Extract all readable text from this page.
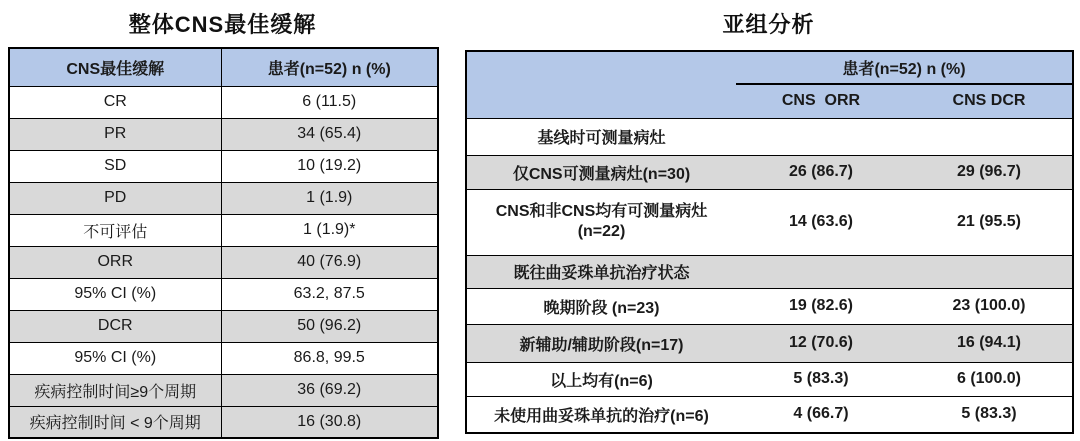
整体CNS最佳缓解	亚组分析
CNS最佳缓解	患者(n=52) n (%)
CR	6 (11.5)
PR	34 (65.4)
SD	10 (19.2)
PD	1 (1.9)
不可评估	1 (1.9)*
ORR	40 (76.9)
95% CI (%)	63.2, 87.5
DCR	50 (96.2)
95% CI (%)	86.8, 99.5
疾病控制时间≥9个周期	36 (69.2)
疾病控制时间 < 9个周期	16 (30.8)
	患者(n=52) n (%)	
	CNS  ORR	CNS DCR
基线时可测量病灶		
仅CNS可测量病灶(n=30)	26 (86.7)	29 (96.7)
CNS和非CNS均有可测量病灶
(n=22)	14 (63.6)	21 (95.5)
既往曲妥珠单抗治疗状态		
晚期阶段 (n=23)	19 (82.6)	23 (100.0)
新辅助/辅助阶段(n=17)	12 (70.6)	16 (94.1)
以上均有(n=6)	5 (83.3)	6 (100.0)
未使用曲妥珠单抗的治疗(n=6)	4 (66.7)	5 (83.3)
